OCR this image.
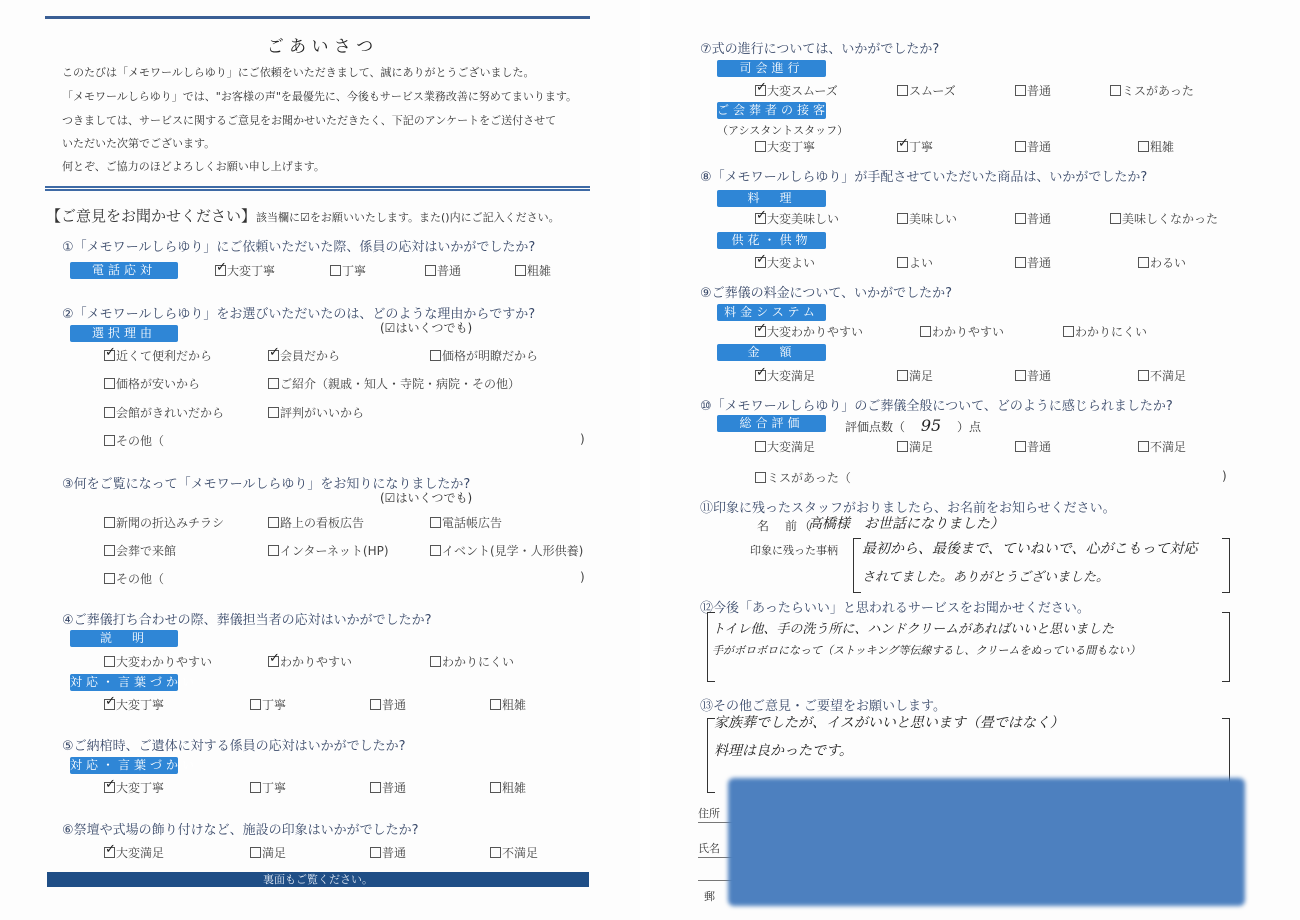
ご あ い さ つ
このたびは「メモワールしらゆり」にご依頼をいただきまして、誠にありがとうございました。
「メモワールしらゆり」では、"お客様の声"を最優先に、今後もサービス業務改善に努めてまいります。
つきましては、サービスに関するご意見をお聞かせいただきたく、下記のアンケートをご送付させて
いただいた次第でございます。
何とぞ、ご協力のほどよろしくお願い申し上げます。
【ご意見をお聞かせください】該当欄に☑をお願いいたします。また()内にご記入ください。
裏面もご覧ください。
①「メモワールしらゆり」にご依頼いただいた際、係員の応対はいかがでしたか?
電話応対 ✓	大変丁寧	丁寧	普通	粗雑
②「メモワールしらゆり」をお選びいただいたのは、どのような理由からですか?
(☑はいくつでも)
選択理由
✓近くて便利だから ✓	会員だから	価格が明瞭だから
価格が安いから	ご紹介（親戚・知人・寺院・病院・その他）
会館がきれいだから	評判がいいから
その他（	)
③何をご覧になって「メモワールしらゆり」をお知りになりましたか?
(☑はいくつでも)
新聞の折込みチラシ	路上の看板広告	電話帳広告
会葬で来館	インターネット(HP)	イベント(見学・人形供養)
その他（	)
④ご葬儀打ち合わせの際、葬儀担当者の応対はいかがでしたか?
説　明
大変わかりやすい ✓	わかりやすい	わかりにくい
対応・言葉づかい
✓大変丁寧	丁寧	普通	粗雑
⑤ご納棺時、ご遺体に対する係員の応対はいかがでしたか?
対応・言葉づかい
✓大変丁寧	丁寧	普通	粗雑
⑥祭壇や式場の飾り付けなど、施設の印象はいかがでしたか?
✓大変満足	満足	普通	不満足
⑦式の進行については、いかがでしたか?
司会進行
✓大変スムーズ	スムーズ	普通	ミスがあった
ご会葬者の接客
（アシスタントスタッフ）
大変丁寧 ✓	丁寧	普通	粗雑
⑧「メモワールしらゆり」が手配させていただいた商品は、いかがでしたか?
料　理
✓大変美味しい	美味しい	普通	美味しくなかった
供花・供物
✓大変よい	よい	普通	わるい
⑨ご葬儀の料金について、いかがでしたか?
料金システム
✓大変わかりやすい	わかりやすい	わかりにくい
金　額
✓大変満足	満足	普通	不満足
⑩「メモワールしらゆり」のご葬儀全般について、どのように感じられましたか?
総合評価
大変満足	満足	普通	不満足
ミスがあった（	)
評価点数（ 95 ）点
⑪印象に残ったスタッフがおりましたら、お名前をお知らせください。
名　前（
高橋様　お世話になりました）
印象に残った事柄 最初から、最後まで、ていねいで、心がこもって対応
されてました。ありがとうございました。
⑫今後「あったらいい」と思われるサービスをお聞かせください。
トイレ他、手の洗う所に、ハンドクリームがあればいいと思いました
手がボロボロになって（ストッキング等伝線するし、クリームをぬっている間もない）
⑬その他ご意見・ご要望をお願いします。
家族葬でしたが、イスがいいと思います（畳ではなく）
料理は良かったです。
住所
氏名
郵
